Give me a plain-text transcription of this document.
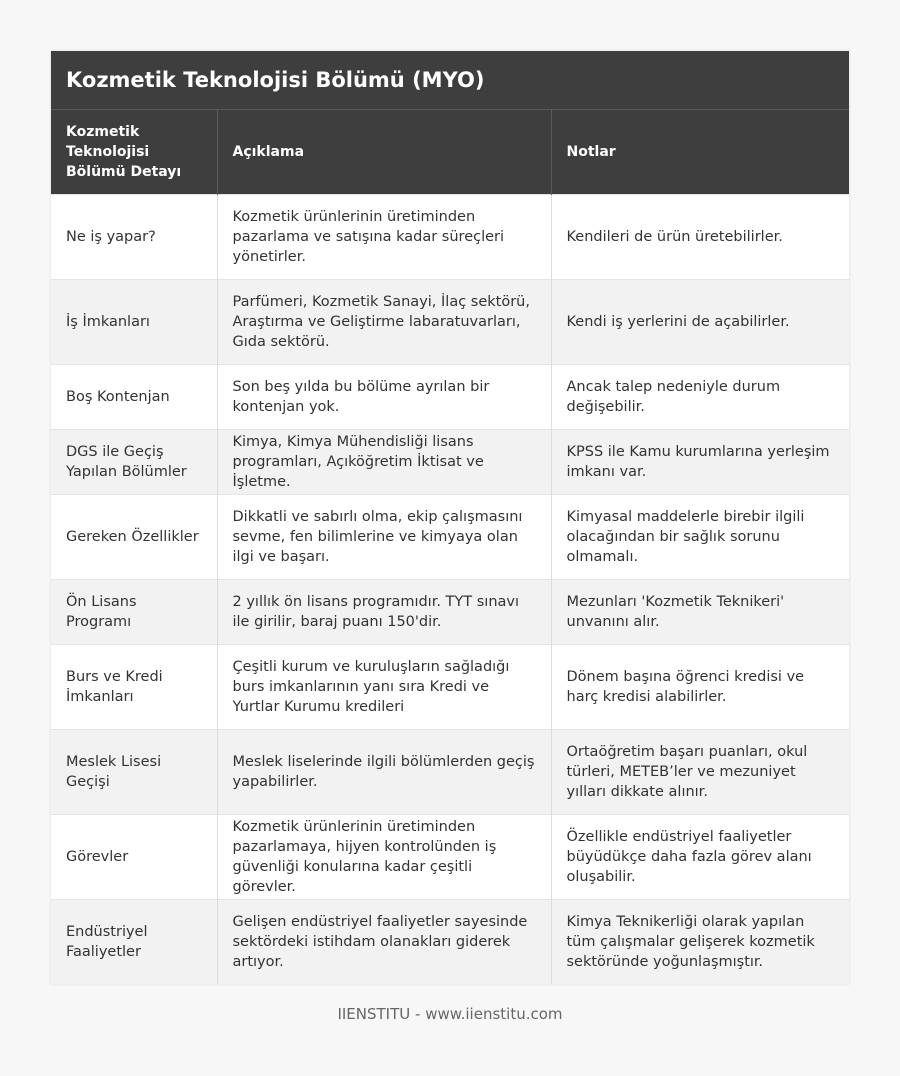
Kozmetik Teknolojisi Bölümü (MYO)
Kozmetik Teknolojisi Bölümü Detayı	Açıklama	Notlar
Ne iş yapar?	Kozmetik ürünlerinin üretiminden pazarlama ve satışına kadar süreçleri yönetirler.	Kendileri de ürün üretebilirler.
İş İmkanları	Parfümeri, Kozmetik Sanayi, İlaç sektörü, Araştırma ve Geliştirme labaratuvarları, Gıda sektörü.	Kendi iş yerlerini de açabilirler.
Boş Kontenjan	Son beş yılda bu bölüme ayrılan bir kontenjan yok.	Ancak talep nedeniyle durum değişebilir.
DGS ile Geçiş Yapılan Bölümler	Kimya, Kimya Mühendisliği lisans programları, Açıköğretim İktisat ve İşletme.	KPSS ile Kamu kurumlarına yerleşim imkanı var.
Gereken Özellikler	Dikkatli ve sabırlı olma, ekip çalışmasını sevme, fen bilimlerine ve kimyaya olan ilgi ve başarı.	Kimyasal maddelerle birebir ilgili olacağından bir sağlık sorunu olmamalı.
Ön Lisans Programı	2 yıllık ön lisans programıdır. TYT sınavı ile girilir, baraj puanı 150'dir.	Mezunları 'Kozmetik Teknikeri' unvanını alır.
Burs ve Kredi İmkanları	Çeşitli kurum ve kuruluşların sağladığı burs imkanlarının yanı sıra Kredi ve Yurtlar Kurumu kredileri	Dönem başına öğrenci kredisi ve harç kredisi alabilirler.
Meslek Lisesi Geçişi	Meslek liselerinde ilgili bölümlerden geçiş yapabilirler.	Ortaöğretim başarı puanları, okul türleri, METEB’ler ve mezuniyet yılları dikkate alınır.
Görevler	Kozmetik ürünlerinin üretiminden pazarlamaya, hijyen kontrolünden iş güvenliği konularına kadar çeşitli görevler.	Özellikle endüstriyel faaliyetler büyüdükçe daha fazla görev alanı oluşabilir.
Endüstriyel Faaliyetler	Gelişen endüstriyel faaliyetler sayesinde sektördeki istihdam olanakları giderek artıyor.	Kimya Teknikerliği olarak yapılan tüm çalışmalar gelişerek kozmetik sektöründe yoğunlaşmıştır.
IIENSTITU - www.iienstitu.com
